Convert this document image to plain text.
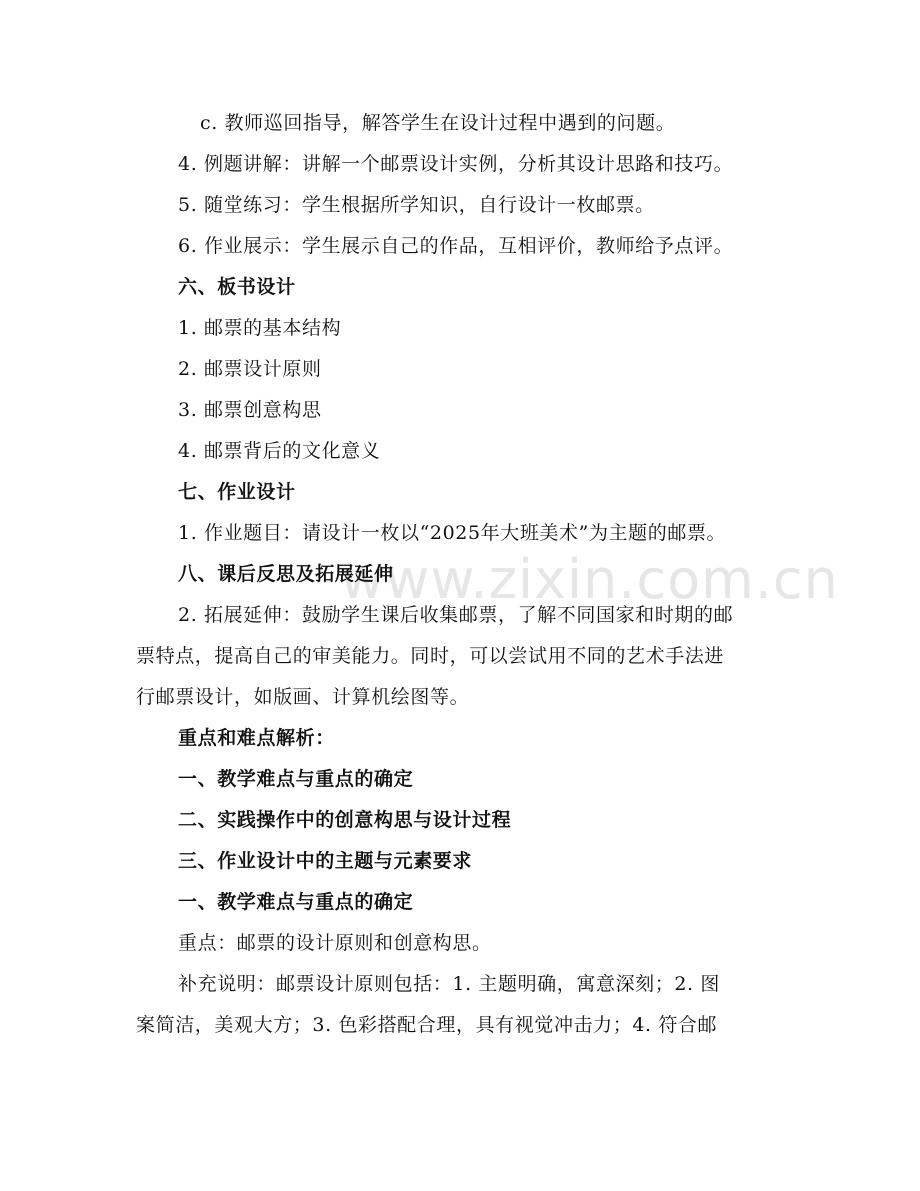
www.zixin.com.cn
c. 教师巡回指导，解答学生在设计过程中遇到的问题。
4. 例题讲解：讲解一个邮票设计实例，分析其设计思路和技巧。
5. 随堂练习：学生根据所学知识，自行设计一枚邮票。
6. 作业展示：学生展示自己的作品，互相评价，教师给予点评。
六、板书设计
1. 邮票的基本结构
2. 邮票设计原则
3. 邮票创意构思
4. 邮票背后的文化意义
七、作业设计
1. 作业题目：请设计一枚以“2025年大班美术”为主题的邮票。
八、课后反思及拓展延伸
2. 拓展延伸：鼓励学生课后收集邮票，了解不同国家和时期的邮
票特点，提高自己的审美能力。同时，可以尝试用不同的艺术手法进
行邮票设计，如版画、计算机绘图等。
重点和难点解析：
一、教学难点与重点的确定
二、实践操作中的创意构思与设计过程
三、作业设计中的主题与元素要求
一、教学难点与重点的确定
重点：邮票的设计原则和创意构思。
补充说明：邮票设计原则包括：1. 主题明确，寓意深刻；2. 图
案简洁，美观大方；3. 色彩搭配合理，具有视觉冲击力；4. 符合邮
